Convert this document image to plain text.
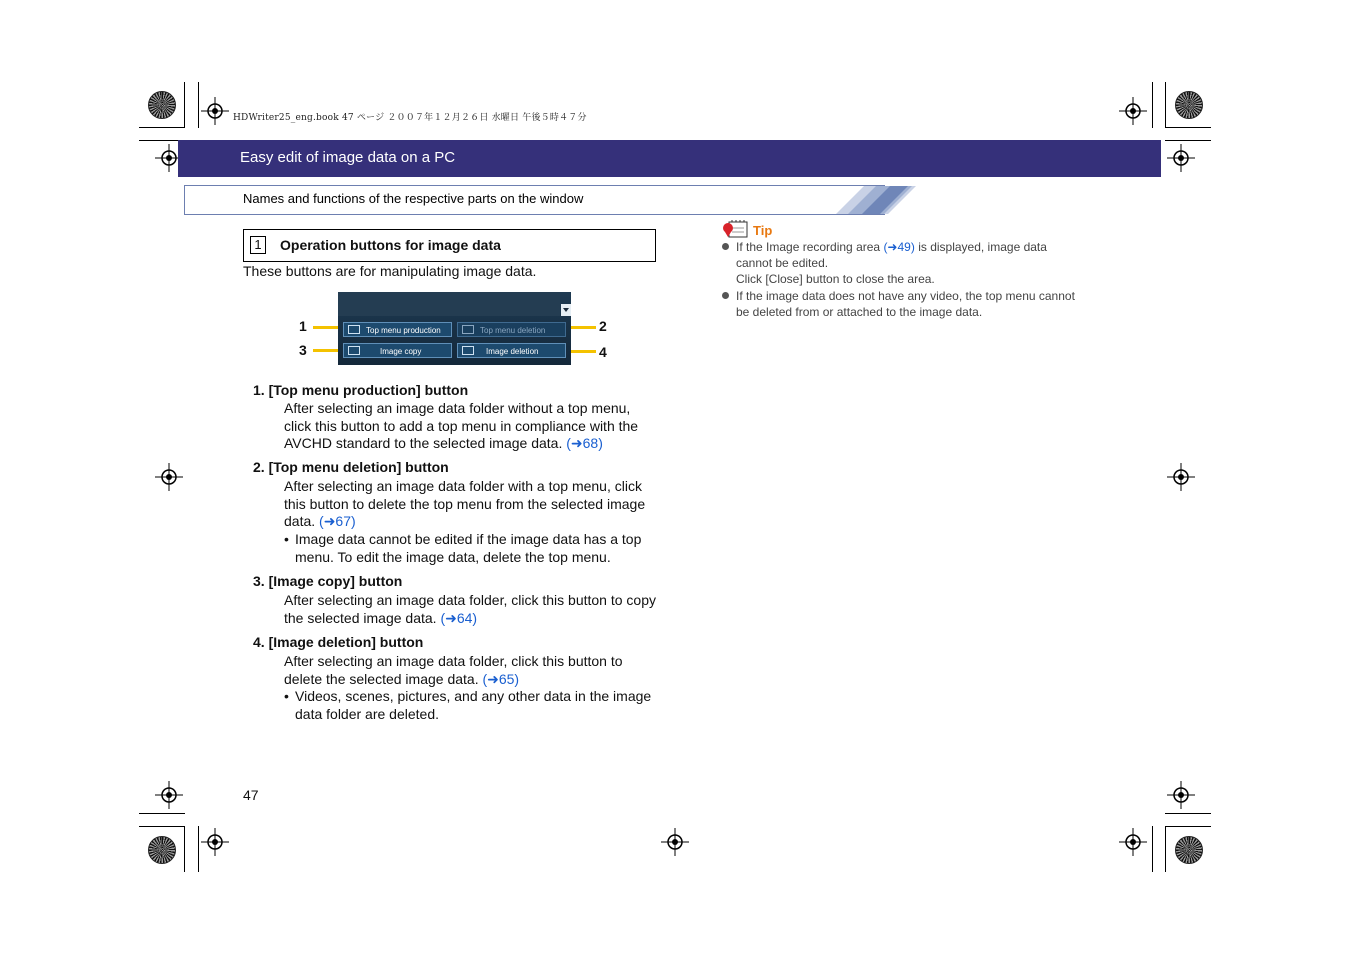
HDWriter25_eng.book 47 ページ ２００７年１２月２６日 水曜日 午後５時４７分
Easy edit of image data on a PC
Names and functions of the respective parts on the window
1	Operation buttons for image data
These buttons are for manipulating image data.
1	2
3	4
Top menu production	Top menu deletion
Image copy	Image deletion
1. [Top menu production] button
After selecting an image data folder without a top menu, click this button to add a top menu in compliance with the AVCHD standard to the selected image data. (➜68)
2. [Top menu deletion] button
After selecting an image data folder with a top menu, click this button to delete the top menu from the selected image data. (➜67)
• Image data cannot be edited if the image data has a top menu. To edit the image data, delete the top menu.
3. [Image copy] button
After selecting an image data folder, click this button to copy the selected image data. (➜64)
4. [Image deletion] button
After selecting an image data folder, click this button to delete the selected image data. (➜65)
• Videos, scenes, pictures, and any other data in the image data folder are deleted.
Tip
If the Image recording area (➜49) is displayed, image data cannot be edited.
Click [Close] button to close the area.
If the image data does not have any video, the top menu cannot be deleted from or attached to the image data.
47
